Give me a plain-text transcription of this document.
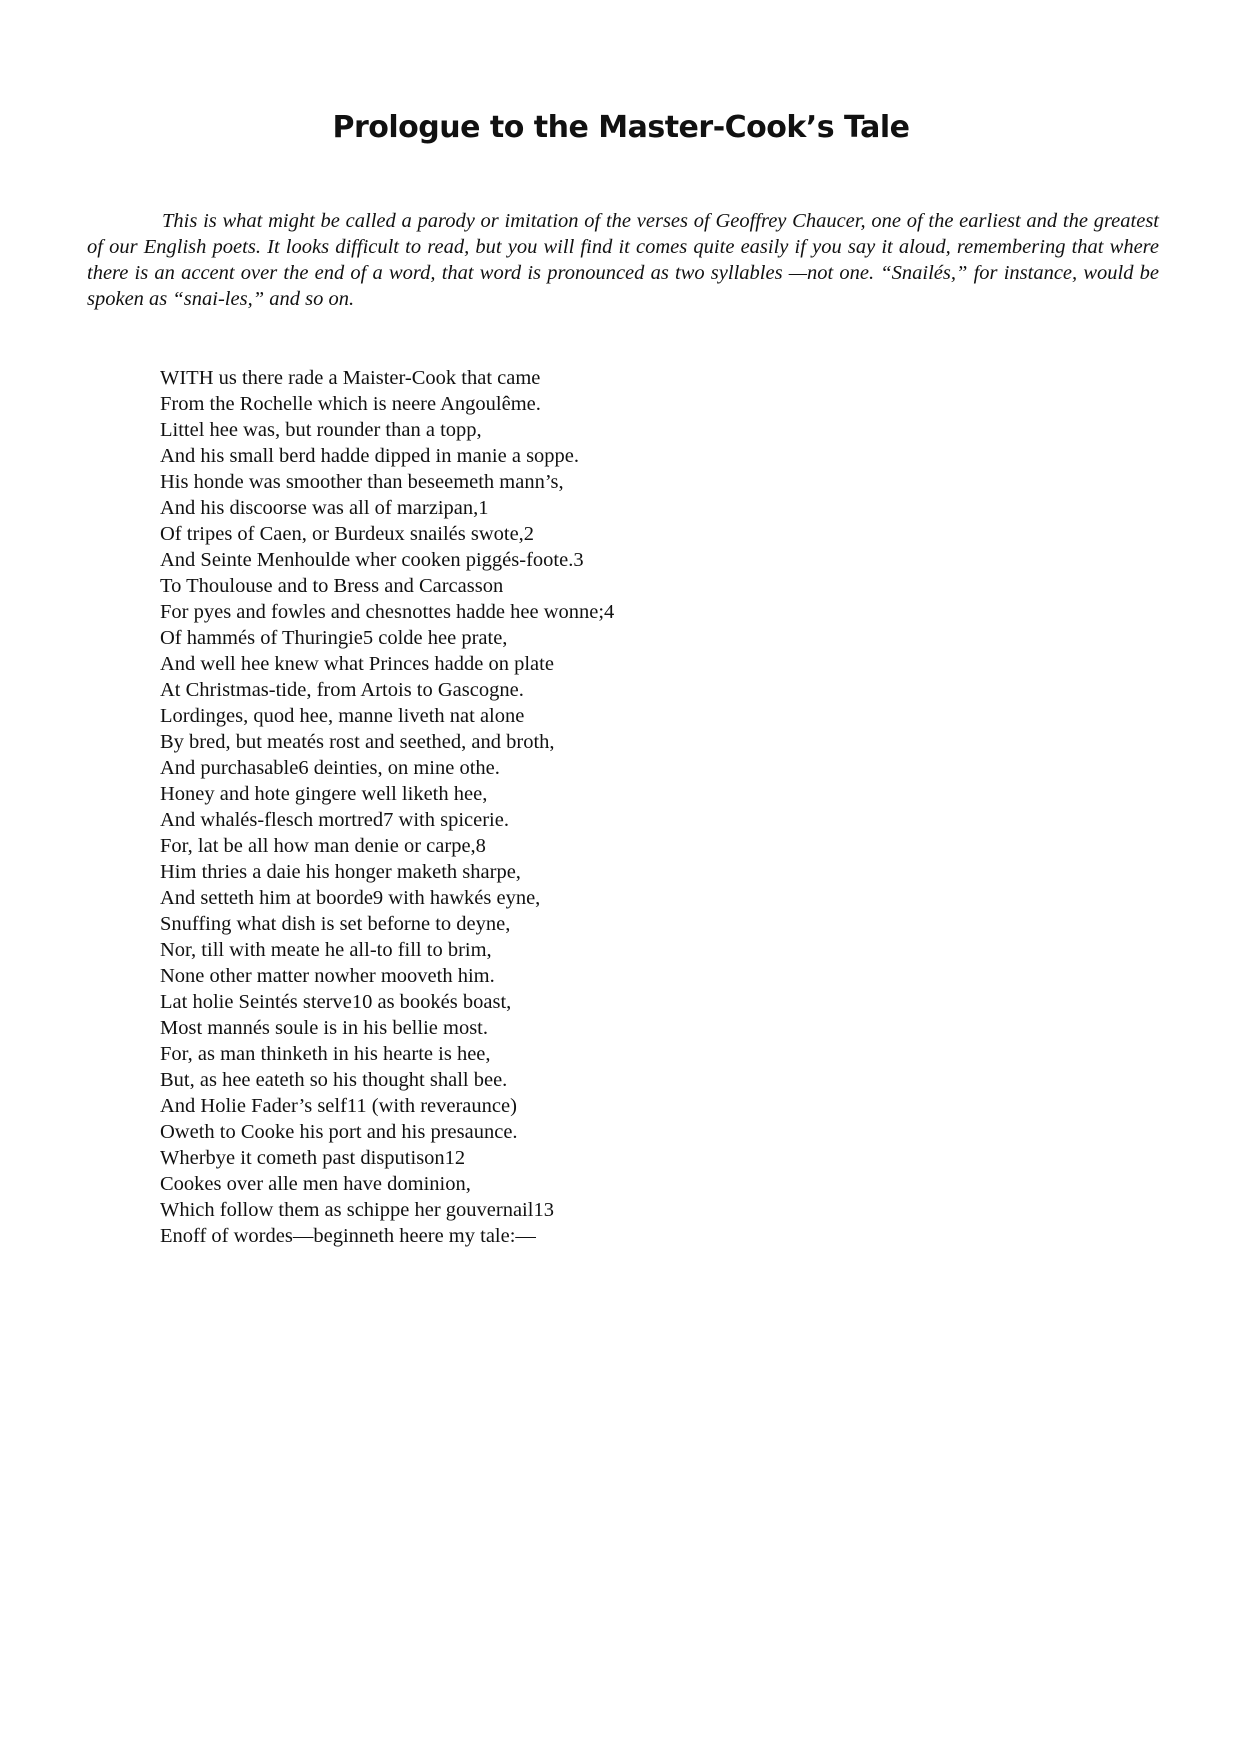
Prologue to the Master-Cook’s Tale

This is what might be called a parody or imitation of the verses of Geoffrey Chaucer, one of the earliest and the greatest of our English poets. It looks difficult to read, but you will find it comes quite easily if you say it aloud, remembering that where there is an accent over the end of a word, that word is pronounced as two syllables —not one. “Snailés,” for instance, would be spoken as “snai-les,” and so on.

WITH us there rade a Maister-Cook that came
From the Rochelle which is neere Angoulême.
Littel hee was, but rounder than a topp,
And his small berd hadde dipped in manie a soppe.
His honde was smoother than beseemeth mann’s,
And his discoorse was all of marzipan,1
Of tripes of Caen, or Burdeux snailés swote,2
And Seinte Menhoulde wher cooken piggés-foote.3
To Thoulouse and to Bress and Carcasson
For pyes and fowles and chesnottes hadde hee wonne;4
Of hammés of Thuringie5 colde hee prate,
And well hee knew what Princes hadde on plate
At Christmas-tide, from Artois to Gascogne.
Lordinges, quod hee, manne liveth nat alone
By bred, but meatés rost and seethed, and broth,
And purchasable6 deinties, on mine othe.
Honey and hote gingere well liketh hee,
And whalés-flesch mortred7 with spicerie.
For, lat be all how man denie or carpe,8
Him thries a daie his honger maketh sharpe,
And setteth him at boorde9 with hawkés eyne,
Snuffing what dish is set beforne to deyne,
Nor, till with meate he all-to fill to brim,
None other matter nowher mooveth him.
Lat holie Seintés sterve10 as bookés boast,
Most mannés soule is in his bellie most.
For, as man thinketh in his hearte is hee,
But, as hee eateth so his thought shall bee.
And Holie Fader’s self11 (with reveraunce)
Oweth to Cooke his port and his presaunce.
Wherbye it cometh past disputison12
Cookes over alle men have dominion,
Which follow them as schippe her gouvernail13
Enoff of wordes—beginneth heere my tale:—
